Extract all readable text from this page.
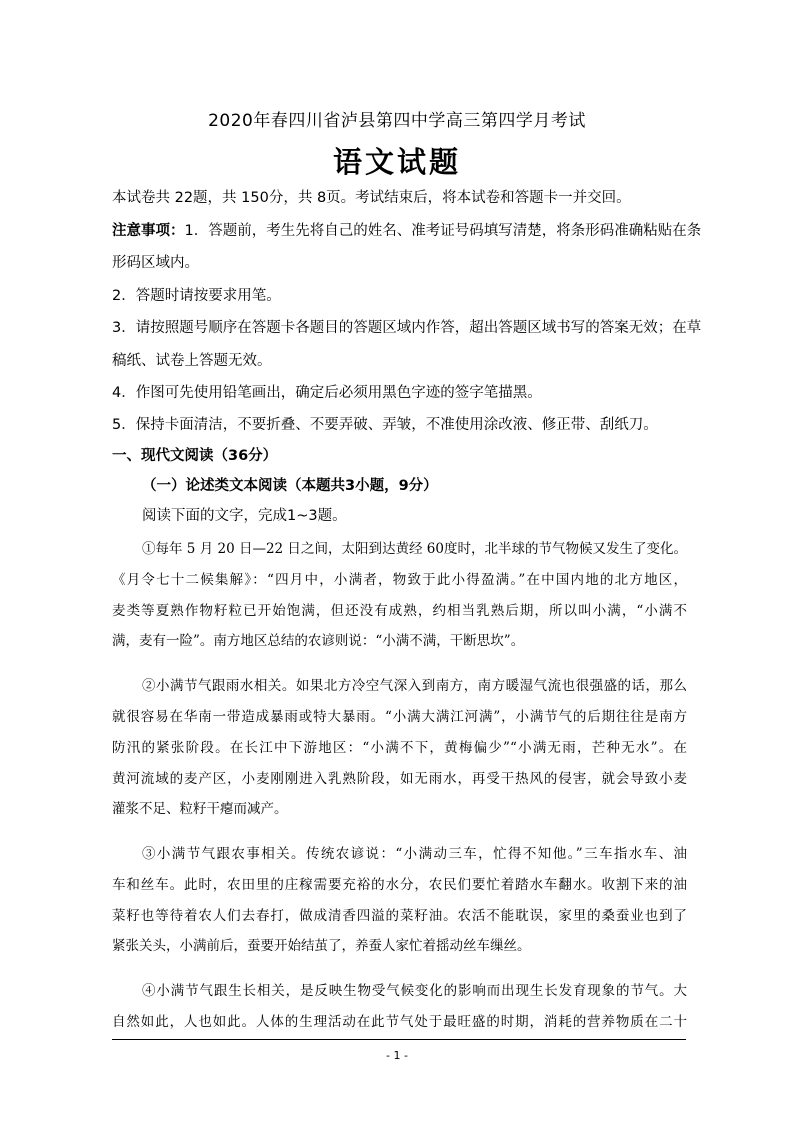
2020年春四川省泸县第四中学高三第四学月考试
语文试题
本试卷共 22题，共 150分，共 8页。考试结束后，将本试卷和答题卡一并交回。
注意事项：1．答题前，考生先将自己的姓名、准考证号码填写清楚，将条形码准确粘贴在条
形码区域内。
2．答题时请按要求用笔。
3．请按照题号顺序在答题卡各题目的答题区域内作答，超出答题区域书写的答案无效；在草
稿纸、试卷上答题无效。
4．作图可先使用铅笔画出，确定后必须用黑色字迹的签字笔描黑。
5．保持卡面清洁，不要折叠、不要弄破、弄皱，不准使用涂改液、修正带、刮纸刀。
一、现代文阅读（36分）
（一）论述类文本阅读（本题共3小题，9分）
阅读下面的文字，完成1~3题。
①每年 5 月 20 日—22 日之间，太阳到达黄经 60度时，北半球的节气物候又发生了变化。
《月令七十二候集解》：“四月中，小满者，物致于此小得盈满。”在中国内地的北方地区，
麦类等夏熟作物籽粒已开始饱满，但还没有成熟，约相当乳熟后期，所以叫小满，“小满不
满，麦有一险”。南方地区总结的农谚则说：“小满不满，干断思坎”。
②小满节气跟雨水相关。如果北方冷空气深入到南方，南方暖湿气流也很强盛的话，那么
就很容易在华南一带造成暴雨或特大暴雨。“小满大满江河满”，小满节气的后期往往是南方
防汛的紧张阶段。在长江中下游地区：“小满不下，黄梅偏少”“小满无雨，芒种无水”。在
黄河流域的麦产区，小麦刚刚进入乳熟阶段，如无雨水，再受干热风的侵害，就会导致小麦
灌浆不足、粒籽干瘪而减产。
③小满节气跟农事相关。传统农谚说：“小满动三车，忙得不知他。”三车指水车、油
车和丝车。此时，农田里的庄稼需要充裕的水分，农民们要忙着踏水车翻水。收割下来的油
菜籽也等待着农人们去春打，做成清香四溢的菜籽油。农活不能耽误，家里的桑蚕业也到了
紧张关头，小满前后，蚕要开始结茧了，养蚕人家忙着摇动丝车缫丝。
④小满节气跟生长相关，是反映生物受气候变化的影响而出现生长发育现象的节气。大
自然如此，人也如此。人体的生理活动在此节气处于最旺盛的时期，消耗的营养物质在二十
- 1 -
